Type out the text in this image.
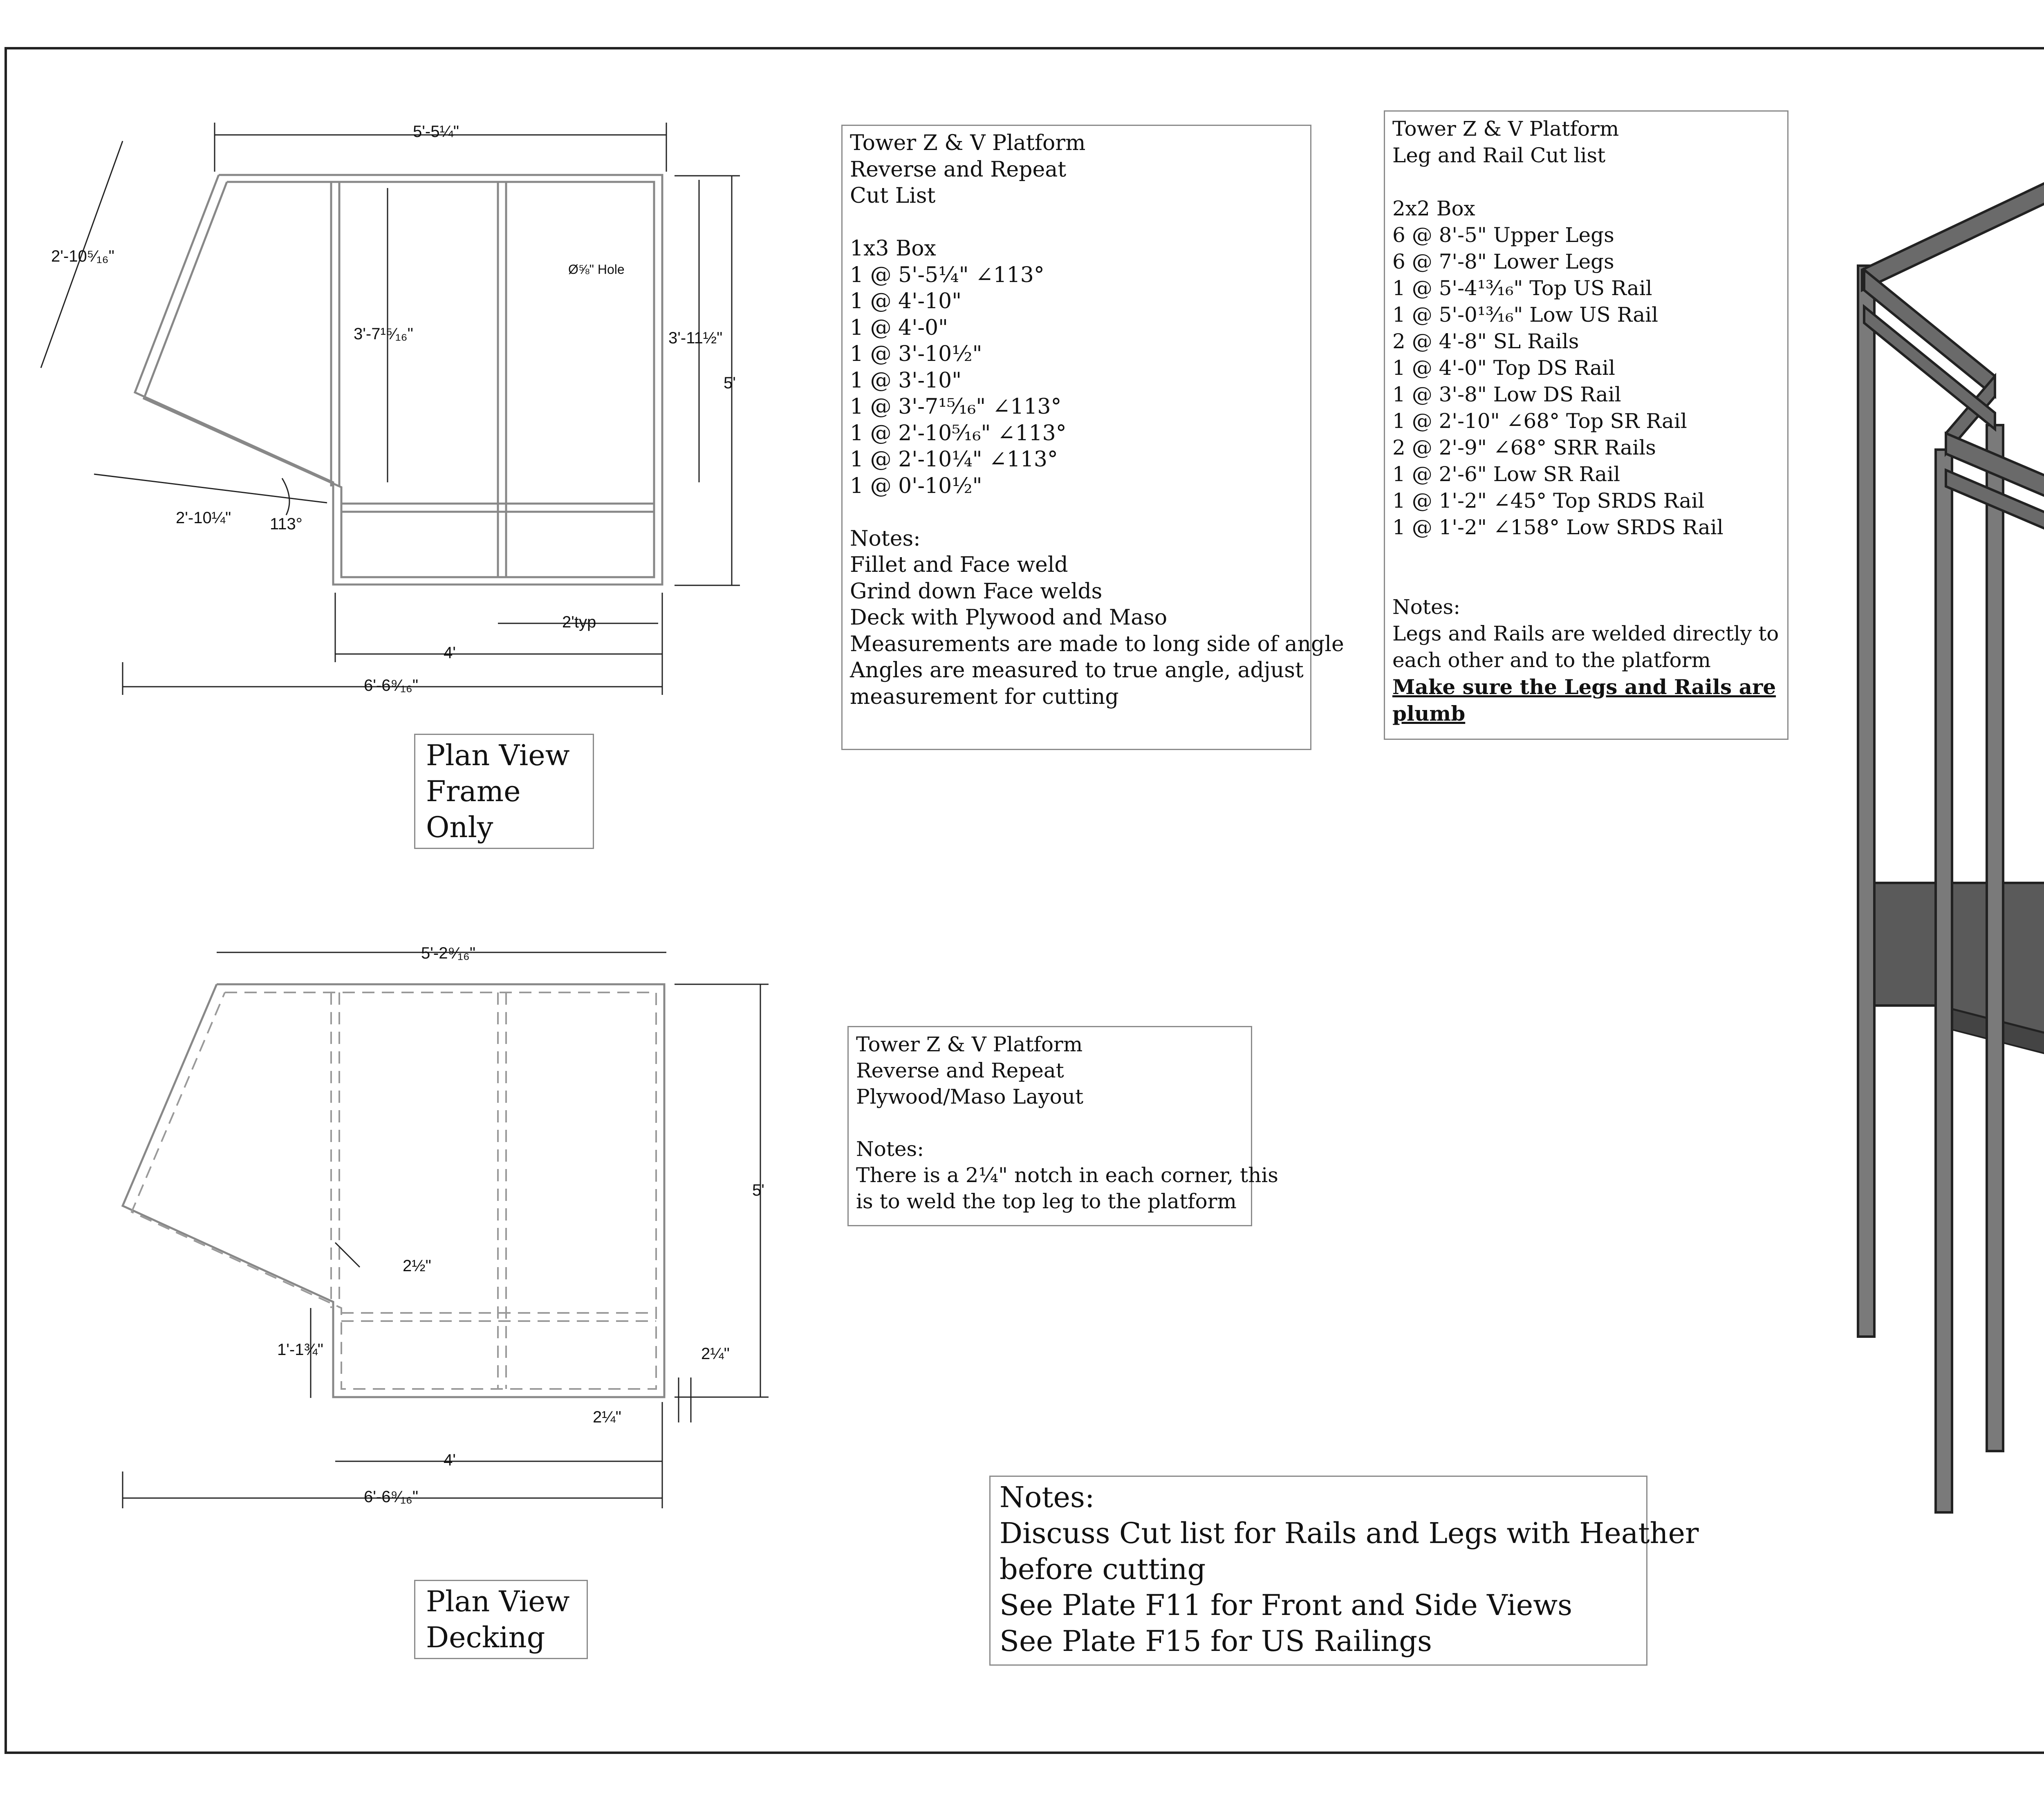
5'-5¼"
2'-10⁵⁄₁₆"
3'-7¹⁵⁄₁₆"	3'-11½"
5'
Ø⅝" Hole
2'-10¼" 113°
2'typ
4'
6'-6⁹⁄₁₆"
5'-2⁹⁄₁₆"
5'
2½"
1'-1¾"	2¼"
2¼"
4'
6'-6⁹⁄₁₆"
Tower Z & V Platform
Reverse and Repeat
Cut List

1x3 Box
1 @ 5'-5¼" ∠113°
1 @ 4'-10"
1 @ 4'-0"
1 @ 3'-10½"
1 @ 3'-10"
1 @ 3'-7¹⁵⁄₁₆" ∠113°
1 @ 2'-10⁵⁄₁₆" ∠113°
1 @ 2'-10¼" ∠113°
1 @ 0'-10½"

Notes:
Fillet and Face weld
Grind down Face welds
Deck with Plywood and Maso
Measurements are made to long side of angle
Angles are measured to true angle, adjust
measurement for cutting
Tower Z & V Platform
Leg and Rail Cut list

2x2 Box
6 @ 8'-5" Upper Legs
6 @ 7'-8" Lower Legs
1 @ 5'-4¹³⁄₁₆" Top US Rail
1 @ 5'-0¹³⁄₁₆" Low US Rail
2 @ 4'-8" SL Rails
1 @ 4'-0" Top DS Rail
1 @ 3'-8" Low DS Rail
1 @ 2'-10" ∠68° Top SR Rail
2 @ 2'-9" ∠68° SRR Rails
1 @ 2'-6" Low SR Rail
1 @ 1'-2" ∠45° Top SRDS Rail
1 @ 1'-2" ∠158° Low SRDS Rail

Notes:
Legs and Rails are welded directly to
each other and to the platform
Make sure the Legs and Rails are
plumb
Tower Z & V Platform
Reverse and Repeat
Plywood/Maso Layout

Notes:
There is a 2¼" notch in each corner, this
is to weld the top leg to the platform
Notes:
Discuss Cut list for Rails and Legs with Heather
before cutting
See Plate F11 for Front and Side Views
See Plate F15 for US Railings
Plan View Frame Only
Plan View Decking
